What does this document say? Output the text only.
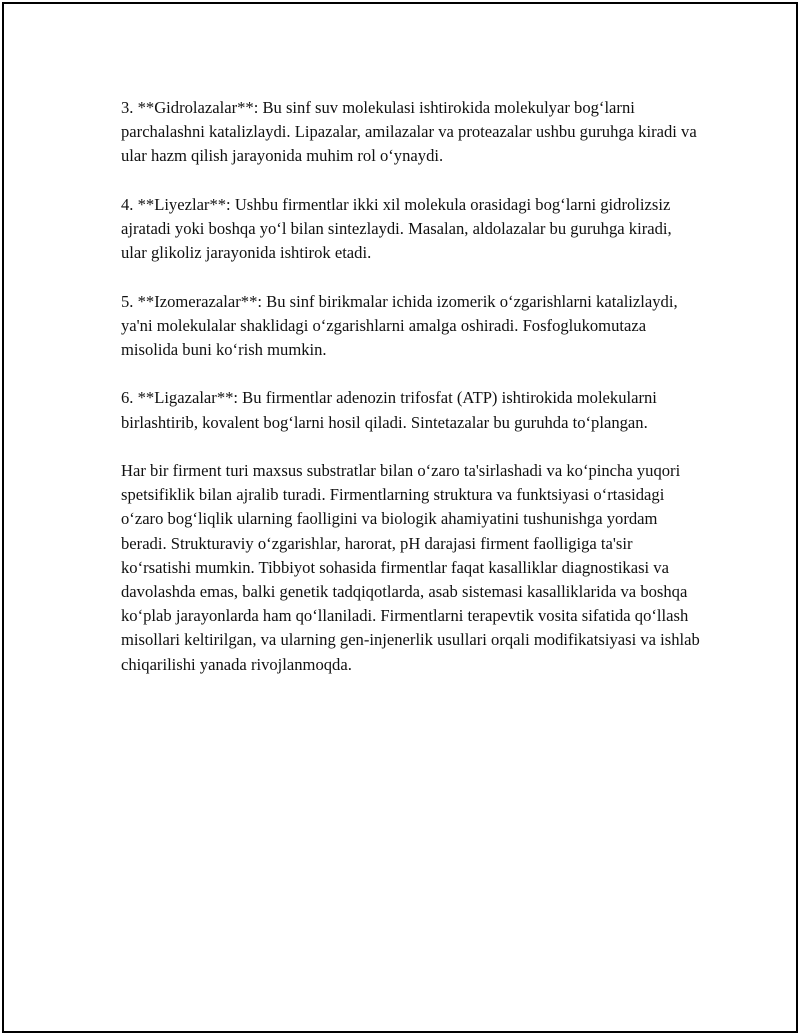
3. **Gidrolazalar**: Bu sinf suv molekulasi ishtirokida molekulyar bog‘larni parchalashni katalizlaydi. Lipazalar, amilazalar va proteazalar ushbu guruhga kiradi va ular hazm qilish jarayonida muhim rol o‘ynaydi.

4. **Liyezlar**: Ushbu firmentlar ikki xil molekula orasidagi bog‘larni gidrolizsiz ajratadi yoki boshqa yo‘l bilan sintezlaydi. Masalan, aldolazalar bu guruhga kiradi, ular glikoliz jarayonida ishtirok etadi.

5. **Izomerazalar**: Bu sinf birikmalar ichida izomerik o‘zgarishlarni katalizlaydi, ya'ni molekulalar shaklidagi o‘zgarishlarni amalga oshiradi. Fosfoglukomutaza misolida buni ko‘rish mumkin.

6. **Ligazalar**: Bu firmentlar adenozin trifosfat (ATP) ishtirokida molekularni birlashtirib, kovalent bog‘larni hosil qiladi. Sintetazalar bu guruhda to‘plangan.

Har bir firment turi maxsus substratlar bilan o‘zaro ta'sirlashadi va ko‘pincha yuqori spetsifiklik bilan ajralib turadi. Firmentlarning struktura va funktsiyasi o‘rtasidagi o‘zaro bog‘liqlik ularning faolligini va biologik ahamiyatini tushunishga yordam beradi. Strukturaviy o‘zgarishlar, harorat, pH darajasi firment faolligiga ta'sir ko‘rsatishi mumkin. Tibbiyot sohasida firmentlar faqat kasalliklar diagnostikasi va davolashda emas, balki genetik tadqiqotlarda, asab sistemasi kasalliklarida va boshqa ko‘plab jarayonlarda ham qo‘llaniladi. Firmentlarni terapevtik vosita sifatida qo‘llash misollari keltirilgan, va ularning gen-injenerlik usullari orqali modifikatsiyasi va ishlab chiqarilishi yanada rivojlanmoqda.
